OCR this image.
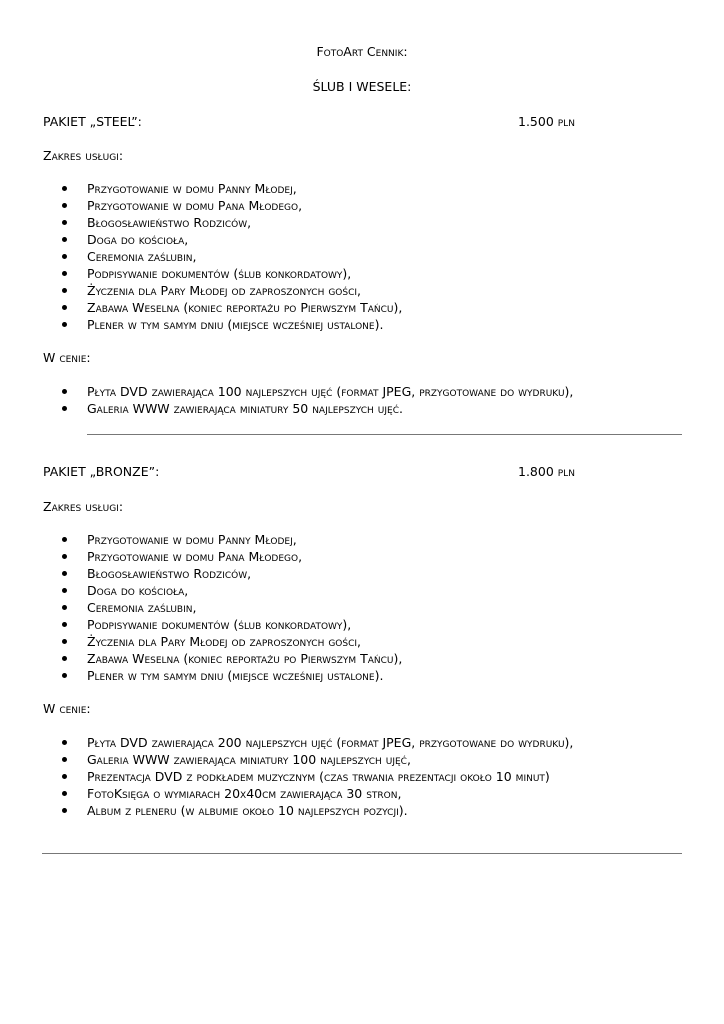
FotoArt Cennik:
ŚLUB I WESELE:
PAKIET „STEEL”:	1.500 pln
Zakres usługi:
Przygotowanie w domu Panny Młodej,
Przygotowanie w domu Pana Młodego,
Błogosławieństwo Rodziców,
Doga do kościoła,
Ceremonia zaślubin,
Podpisywanie dokumentów (ślub konkordatowy),
Życzenia dla Pary Młodej od zaproszonych gości,
Zabawa Weselna (koniec reportażu po Pierwszym Tańcu),
Plener w tym samym dniu (miejsce wcześniej ustalone).
W cenie:
Płyta DVD zawierająca 100 najlepszych ujęć (format JPEG, przygotowane do wydruku),
Galeria WWW zawierająca miniatury 50 najlepszych ujęć.
PAKIET „BRONZE”:	1.800 pln
Zakres usługi:
Przygotowanie w domu Panny Młodej,
Przygotowanie w domu Pana Młodego,
Błogosławieństwo Rodziców,
Doga do kościoła,
Ceremonia zaślubin,
Podpisywanie dokumentów (ślub konkordatowy),
Życzenia dla Pary Młodej od zaproszonych gości,
Zabawa Weselna (koniec reportażu po Pierwszym Tańcu),
Plener w tym samym dniu (miejsce wcześniej ustalone).
W cenie:
Płyta DVD zawierająca 200 najlepszych ujęć (format JPEG, przygotowane do wydruku),
Galeria WWW zawierająca miniatury 100 najlepszych ujęć,
Prezentacja DVD z podkładem muzycznym (czas trwania prezentacji około 10 minut)
FotoKsięga o wymiarach 20x40cm zawierająca 30 stron,
Album z pleneru (w albumie około 10 najlepszych pozycji).
